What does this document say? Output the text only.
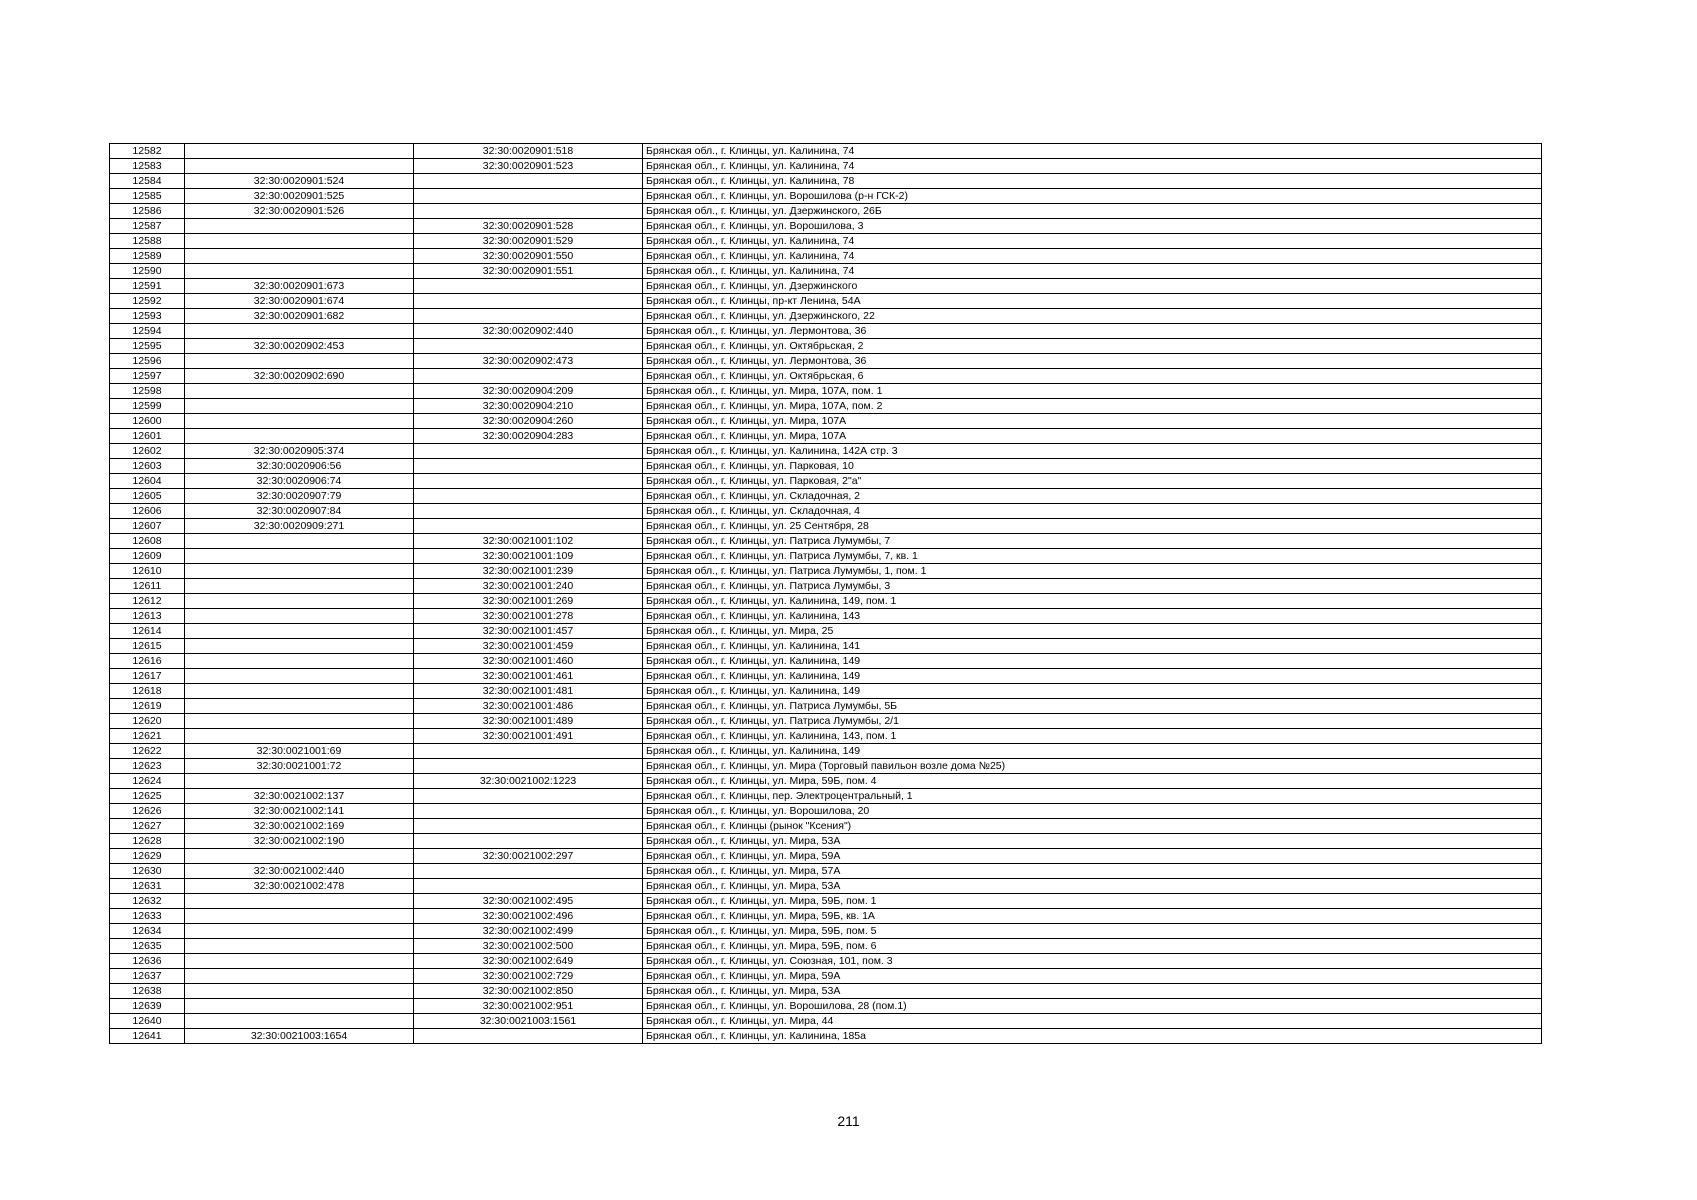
12582		32:30:0020901:518	Брянская обл., г. Клинцы, ул. Калинина, 74
12583		32:30:0020901:523	Брянская обл., г. Клинцы, ул. Калинина, 74
12584	32:30:0020901:524		Брянская обл., г. Клинцы, ул. Калинина, 78
12585	32:30:0020901:525		Брянская обл., г. Клинцы, ул. Ворошилова (р-н ГСК-2)
12586	32:30:0020901:526		Брянская обл., г. Клинцы, ул. Дзержинского, 26Б
12587		32:30:0020901:528	Брянская обл., г. Клинцы, ул. Ворошилова, 3
12588		32:30:0020901:529	Брянская обл., г. Клинцы, ул. Калинина, 74
12589		32:30:0020901:550	Брянская обл., г. Клинцы, ул. Калинина, 74
12590		32:30:0020901:551	Брянская обл., г. Клинцы, ул. Калинина, 74
12591	32:30:0020901:673		Брянская обл., г. Клинцы, ул. Дзержинского
12592	32:30:0020901:674		Брянская обл., г. Клинцы, пр-кт Ленина, 54А
12593	32:30:0020901:682		Брянская обл., г. Клинцы, ул. Дзержинского, 22
12594		32:30:0020902:440	Брянская обл., г. Клинцы, ул. Лермонтова, 36
12595	32:30:0020902:453		Брянская обл., г. Клинцы, ул. Октябрьская, 2
12596		32:30:0020902:473	Брянская обл., г. Клинцы, ул. Лермонтова, 36
12597	32:30:0020902:690		Брянская обл., г. Клинцы, ул. Октябрьская, 6
12598		32:30:0020904:209	Брянская обл., г. Клинцы, ул. Мира, 107А, пом. 1
12599		32:30:0020904:210	Брянская обл., г. Клинцы, ул. Мира, 107А, пом. 2
12600		32:30:0020904:260	Брянская обл., г. Клинцы, ул. Мира, 107А
12601		32:30:0020904:283	Брянская обл., г. Клинцы, ул. Мира, 107А
12602	32:30:0020905:374		Брянская обл., г. Клинцы, ул. Калинина, 142А стр. 3
12603	32:30:0020906:56		Брянская обл., г. Клинцы, ул. Парковая, 10
12604	32:30:0020906:74		Брянская обл., г. Клинцы, ул. Парковая, 2"а"
12605	32:30:0020907:79		Брянская обл., г. Клинцы, ул. Складочная, 2
12606	32:30:0020907:84		Брянская обл., г. Клинцы, ул. Складочная, 4
12607	32:30:0020909:271		Брянская обл., г. Клинцы, ул. 25 Сентября, 28
12608		32:30:0021001:102	Брянская обл., г. Клинцы, ул. Патриса Лумумбы, 7
12609		32:30:0021001:109	Брянская обл., г. Клинцы, ул. Патриса Лумумбы, 7, кв. 1
12610		32:30:0021001:239	Брянская обл., г. Клинцы, ул. Патриса Лумумбы, 1, пом. 1
12611		32:30:0021001:240	Брянская обл., г. Клинцы, ул. Патриса Лумумбы, 3
12612		32:30:0021001:269	Брянская обл., г. Клинцы, ул. Калинина, 149, пом. 1
12613		32:30:0021001:278	Брянская обл., г. Клинцы, ул. Калинина, 143
12614		32:30:0021001:457	Брянская обл., г. Клинцы, ул. Мира, 25
12615		32:30:0021001:459	Брянская обл., г. Клинцы, ул. Калинина, 141
12616		32:30:0021001:460	Брянская обл., г. Клинцы, ул. Калинина, 149
12617		32:30:0021001:461	Брянская обл., г. Клинцы, ул. Калинина, 149
12618		32:30:0021001:481	Брянская обл., г. Клинцы, ул. Калинина, 149
12619		32:30:0021001:486	Брянская обл., г. Клинцы, ул. Патриса Лумумбы, 5Б
12620		32:30:0021001:489	Брянская обл., г. Клинцы, ул. Патриса Лумумбы, 2/1
12621		32:30:0021001:491	Брянская обл., г. Клинцы, ул. Калинина, 143, пом. 1
12622	32:30:0021001:69		Брянская обл., г. Клинцы, ул. Калинина, 149
12623	32:30:0021001:72		Брянская обл., г. Клинцы, ул. Мира (Торговый павильон возле дома №25)
12624		32:30:0021002:1223	Брянская обл., г. Клинцы, ул. Мира, 59Б, пом. 4
12625	32:30:0021002:137		Брянская обл., г. Клинцы, пер. Электроцентральный, 1
12626	32:30:0021002:141		Брянская обл., г. Клинцы, ул. Ворошилова, 20
12627	32:30:0021002:169		Брянская обл., г. Клинцы (рынок "Ксения")
12628	32:30:0021002:190		Брянская обл., г. Клинцы, ул. Мира, 53А
12629		32:30:0021002:297	Брянская обл., г. Клинцы, ул. Мира, 59А
12630	32:30:0021002:440		Брянская обл., г. Клинцы, ул. Мира, 57А
12631	32:30:0021002:478		Брянская обл., г. Клинцы, ул. Мира, 53А
12632		32:30:0021002:495	Брянская обл., г. Клинцы, ул. Мира, 59Б, пом. 1
12633		32:30:0021002:496	Брянская обл., г. Клинцы, ул. Мира, 59Б, кв. 1А
12634		32:30:0021002:499	Брянская обл., г. Клинцы, ул. Мира, 59Б, пом. 5
12635		32:30:0021002:500	Брянская обл., г. Клинцы, ул. Мира, 59Б, пом. 6
12636		32:30:0021002:649	Брянская обл., г. Клинцы, ул. Союзная, 101, пом. 3
12637		32:30:0021002:729	Брянская обл., г. Клинцы, ул. Мира, 59А
12638		32:30:0021002:850	Брянская обл., г. Клинцы, ул. Мира, 53А
12639		32:30:0021002:951	Брянская обл., г. Клинцы, ул. Ворошилова, 28 (пом.1)
12640		32:30:0021003:1561	Брянская обл., г. Клинцы, ул. Мира, 44
12641	32:30:0021003:1654		Брянская обл., г. Клинцы, ул. Калинина, 185а
211
